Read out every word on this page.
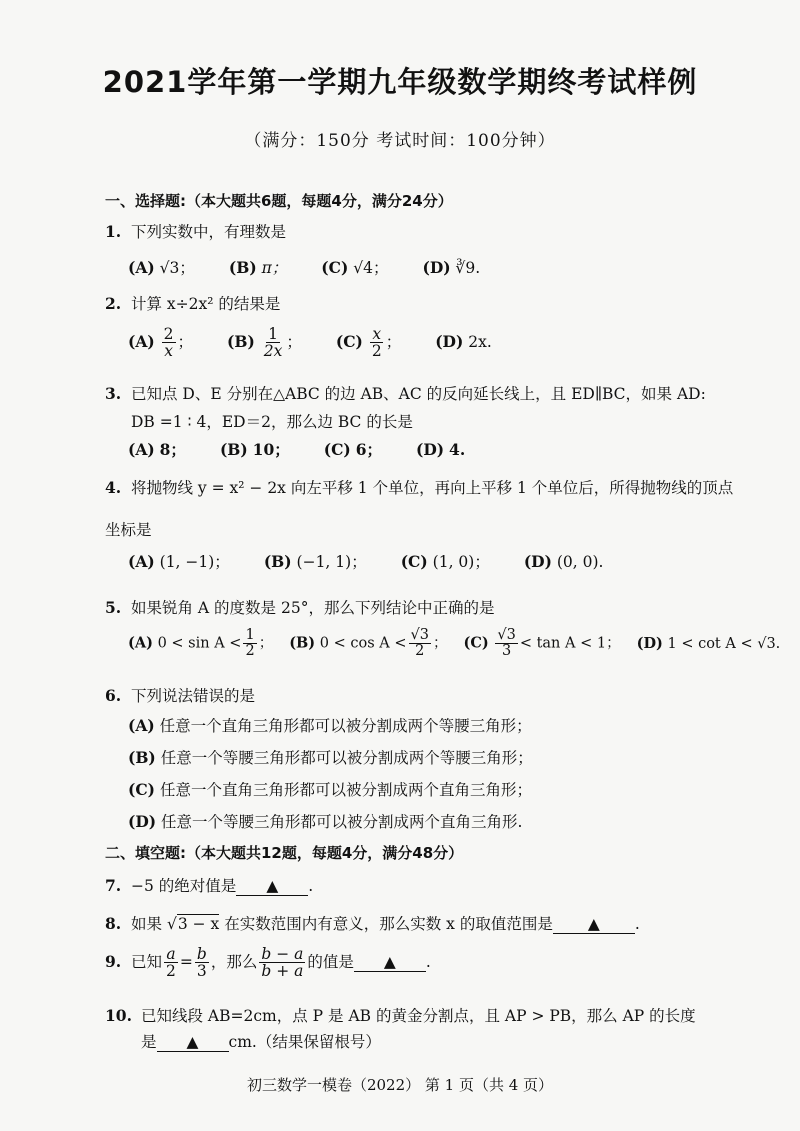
2021学年第一学期九年级数学期终考试样例
（满分：150分 考试时间：100分钟）
一、选择题:（本大题共6题，每题4分，满分24分）
1. 下列实数中，有理数是
(A) √3； (B) π； (C) √4； (D) ∛9.
2. 计算 x÷2x² 的结果是
$(A) \frac{2}{x}$ ； $(B) \frac{1}{2x}$ ； $(C) \frac{x}{2}$ ； (D) 2x.
3. 已知点 D、E 分别在△ABC 的边 AB、AC 的反向延长线上，且 ED∥BC，如果 AD:
DB =1 ∶ 4，ED＝2，那么边 BC 的长是
(A) 8； (B) 10； (C) 6； (D) 4.
4. 将抛物线 y = x² − 2x 向左平移 1 个单位，再向上平移 1 个单位后，所得抛物线的顶点
坐标是
(A) (1, −1)； (B) (−1, 1)； (C) (1, 0)； (D) (0, 0).
5. 如果锐角 A 的度数是 25°，那么下列结论中正确的是
(A) $0 < \sin A < \frac{1}{2}$ ； (B) $0 < \cos A < \frac{√3}{2}$ ； $(C) \frac{√3}{3} < \tan A < 1$； (D) 1 < cot A < √3.
6. 下列说法错误的是
(A) 任意一个直角三角形都可以被分割成两个等腰三角形；
(B) 任意一个等腰三角形都可以被分割成两个等腰三角形；
(C) 任意一个直角三角形都可以被分割成两个直角三角形；
(D) 任意一个等腰三角形都可以被分割成两个直角三角形.
二、填空题:（本大题共12题，每题4分，满分48分）
7. −5 的绝对值是 ▲ .
8. 如果 √3 − x 在实数范围内有意义，那么实数 x 的取值范围是 ▲ .
9. 已知 $\frac{a}{2} = \frac{b}{3}$ ，那么 $\frac{b - a}{b + a}$ 的值是 ▲ .
10. 已知线段 AB=2cm，点 P 是 AB 的黄金分割点，且 AP > PB，那么 AP 的长度
是 ▲ cm.（结果保留根号）
初三数学一模卷（2022） 第 1 页（共 4 页）
